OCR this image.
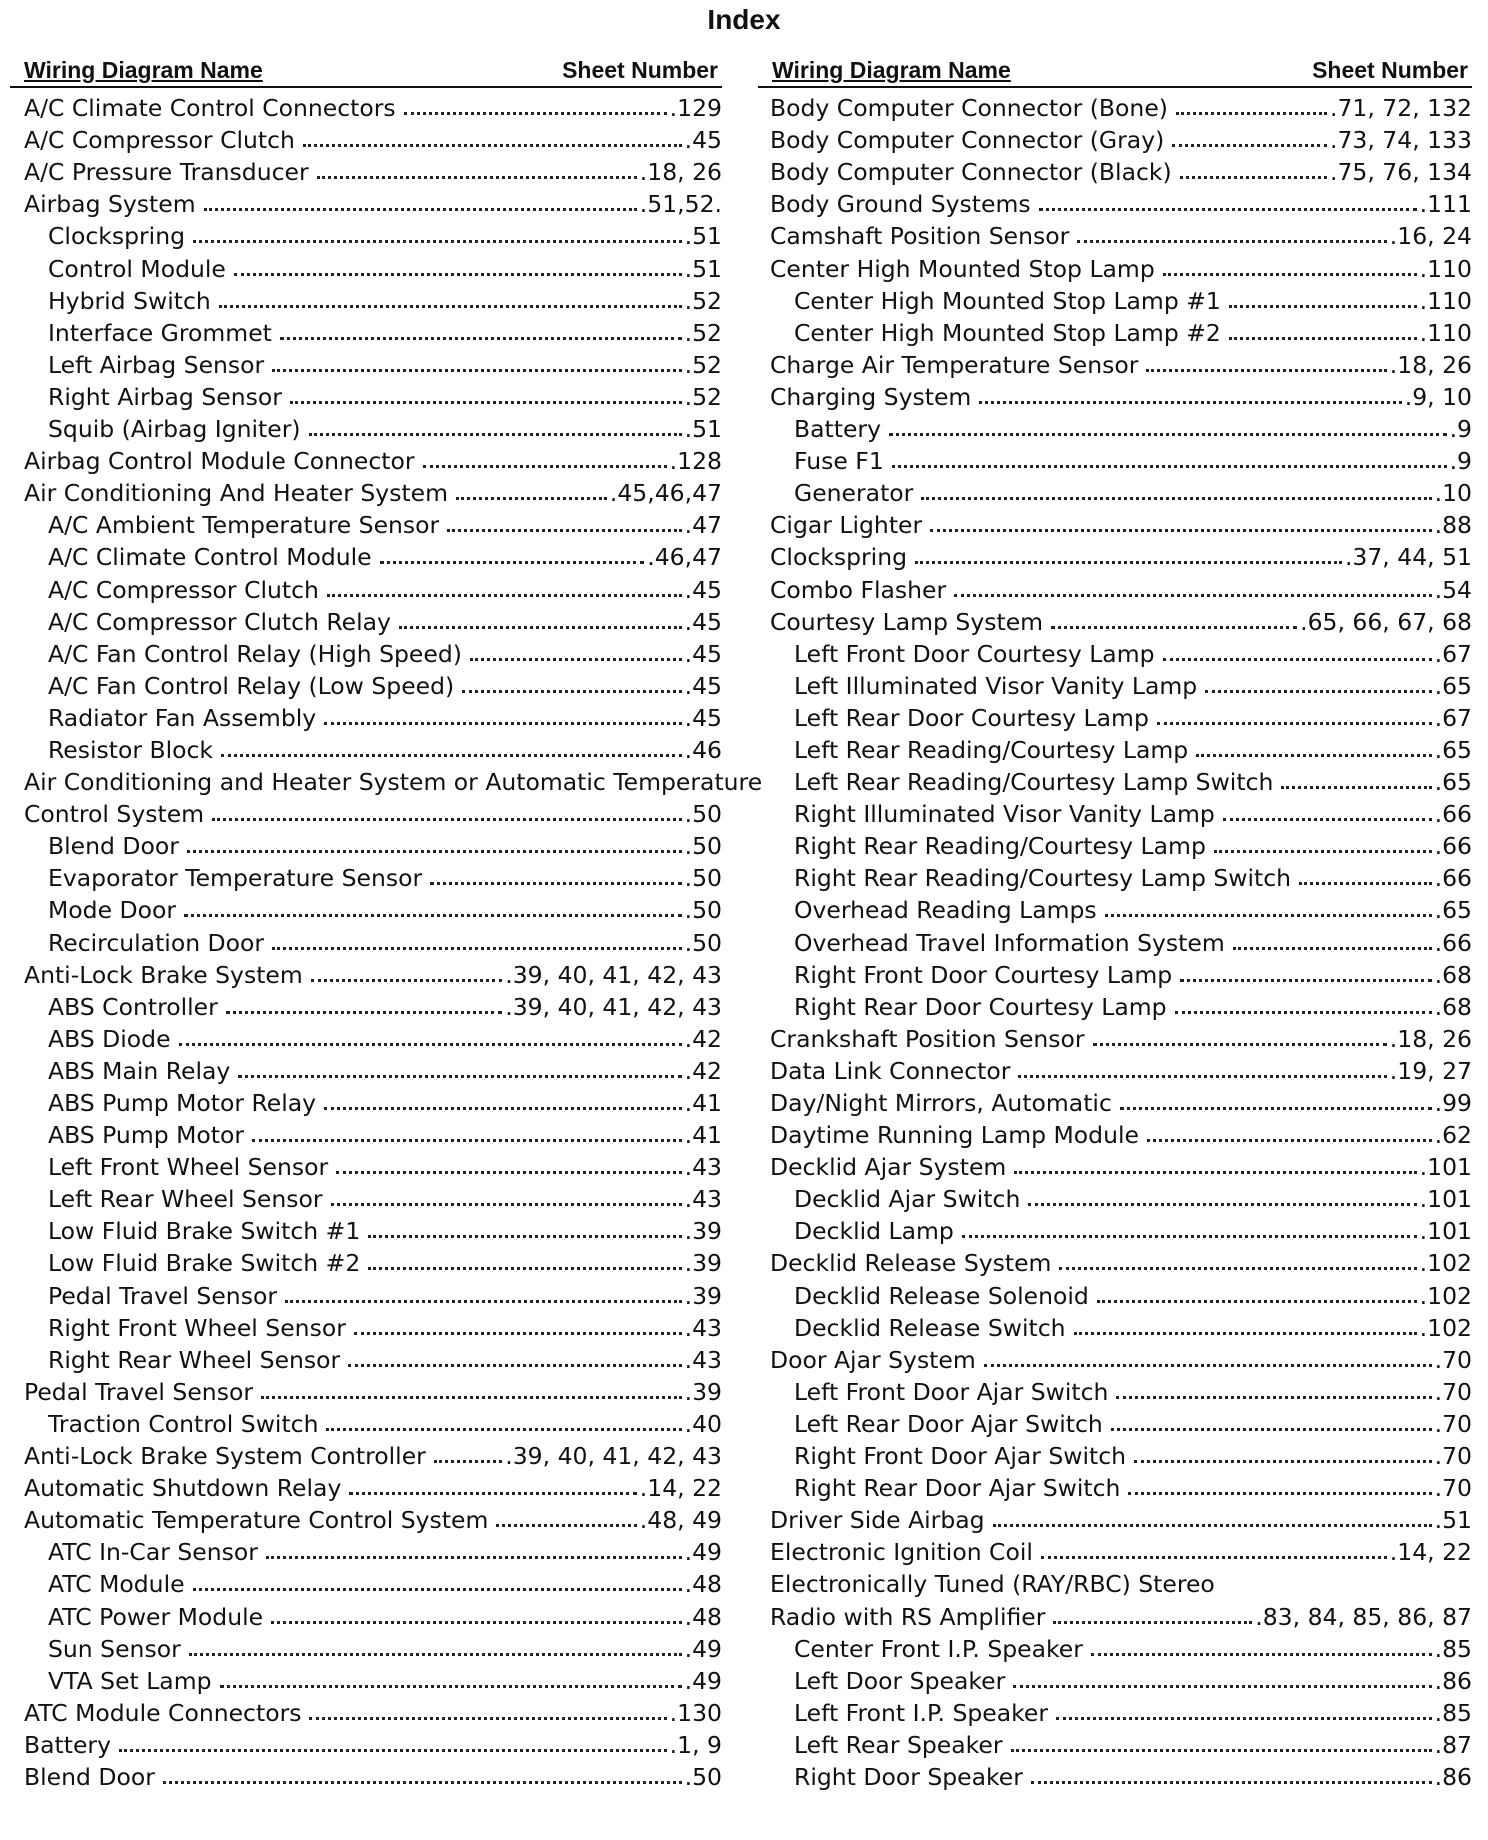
Index
Wiring Diagram Name	Sheet Number
A/C Climate Control Connectors	.129
A/C Compressor Clutch	.45
A/C Pressure Transducer	.18, 26
Airbag System	.51,52.
Clockspring	.51
Control Module	.51
Hybrid Switch	.52
Interface Grommet	.52
Left Airbag Sensor	.52
Right Airbag Sensor	.52
Squib (Airbag Igniter)	.51
Airbag Control Module Connector	.128
Air Conditioning And Heater System	.45,46,47
A/C Ambient Temperature Sensor	.47
A/C Climate Control Module	.46,47
A/C Compressor Clutch	.45
A/C Compressor Clutch Relay	.45
A/C Fan Control Relay (High Speed)	.45
A/C Fan Control Relay (Low Speed)	.45
Radiator Fan Assembly	.45
Resistor Block	.46
Air Conditioning and Heater System or Automatic Temperature
Control System	.50
Blend Door	.50
Evaporator Temperature Sensor	.50
Mode Door	.50
Recirculation Door	.50
Anti-Lock Brake System	.39, 40, 41, 42, 43
ABS Controller	.39, 40, 41, 42, 43
ABS Diode	.42
ABS Main Relay	.42
ABS Pump Motor Relay	.41
ABS Pump Motor	.41
Left Front Wheel Sensor	.43
Left Rear Wheel Sensor	.43
Low Fluid Brake Switch #1	.39
Low Fluid Brake Switch #2	.39
Pedal Travel Sensor	.39
Right Front Wheel Sensor	.43
Right Rear Wheel Sensor	.43
Pedal Travel Sensor	.39
Traction Control Switch	.40
Anti-Lock Brake System Controller	.39, 40, 41, 42, 43
Automatic Shutdown Relay	.14, 22
Automatic Temperature Control System	.48, 49
ATC In-Car Sensor	.49
ATC Module	.48
ATC Power Module	.48
Sun Sensor	.49
VTA Set Lamp	.49
ATC Module Connectors	.130
Battery	.1, 9
Blend Door	.50
Wiring Diagram Name	Sheet Number
Body Computer Connector (Bone)	.71, 72, 132
Body Computer Connector (Gray)	.73, 74, 133
Body Computer Connector (Black)	.75, 76, 134
Body Ground Systems	.111
Camshaft Position Sensor	.16, 24
Center High Mounted Stop Lamp	.110
Center High Mounted Stop Lamp #1	.110
Center High Mounted Stop Lamp #2	.110
Charge Air Temperature Sensor	.18, 26
Charging System	.9, 10
Battery	.9
Fuse F1	.9
Generator	.10
Cigar Lighter	.88
Clockspring	.37, 44, 51
Combo Flasher	.54
Courtesy Lamp System	.65, 66, 67, 68
Left Front Door Courtesy Lamp	.67
Left Illuminated Visor Vanity Lamp	.65
Left Rear Door Courtesy Lamp	.67
Left Rear Reading/Courtesy Lamp	.65
Left Rear Reading/Courtesy Lamp Switch	.65
Right Illuminated Visor Vanity Lamp	.66
Right Rear Reading/Courtesy Lamp	.66
Right Rear Reading/Courtesy Lamp Switch	.66
Overhead Reading Lamps	.65
Overhead Travel Information System	.66
Right Front Door Courtesy Lamp	.68
Right Rear Door Courtesy Lamp	.68
Crankshaft Position Sensor	.18, 26
Data Link Connector	.19, 27
Day/Night Mirrors, Automatic	.99
Daytime Running Lamp Module	.62
Decklid Ajar System	.101
Decklid Ajar Switch	.101
Decklid Lamp	.101
Decklid Release System	.102
Decklid Release Solenoid	.102
Decklid Release Switch	.102
Door Ajar System	.70
Left Front Door Ajar Switch	.70
Left Rear Door Ajar Switch	.70
Right Front Door Ajar Switch	.70
Right Rear Door Ajar Switch	.70
Driver Side Airbag	.51
Electronic Ignition Coil	.14, 22
Electronically Tuned (RAY/RBC) Stereo
Radio with RS Amplifier	.83, 84, 85, 86, 87
Center Front I.P. Speaker	.85
Left Door Speaker	.86
Left Front I.P. Speaker	.85
Left Rear Speaker	.87
Right Door Speaker	.86
